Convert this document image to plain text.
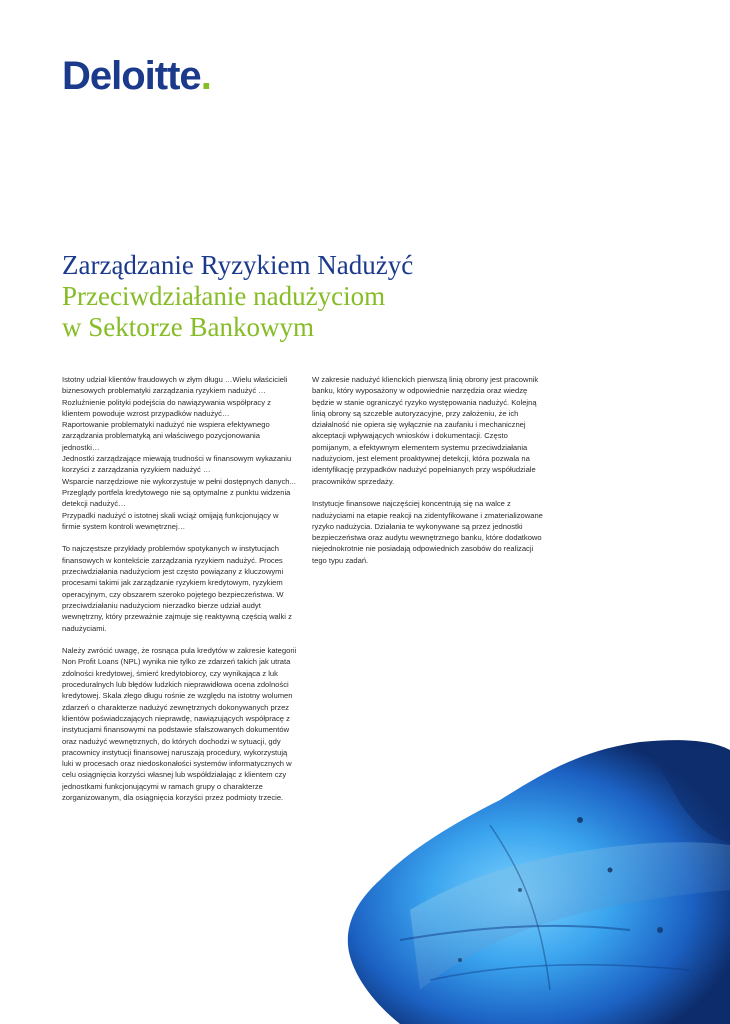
Deloitte.
Zarządzanie Ryzykiem Nadużyć
Przeciwdziałanie nadużyciom
w Sektorze Bankowym

Istotny udział klientów fraudowych w złym długu …Wielu właścicieli biznesowych problematyki zarządzania ryzykiem nadużyć …

Rozluźnienie polityki podejścia do nawiązywania współpracy z klientem powoduje wzrost przypadków nadużyć…

Raportowanie problematyki nadużyć nie wspiera efektywnego zarządzania problematyką ani właściwego pozycjonowania jednostki…

Jednostki zarządzające miewają trudności w finansowym wykazaniu korzyści z zarządzania ryzykiem nadużyć …

Wsparcie narzędziowe nie wykorzystuje w pełni dostępnych danych...

Przeglądy portfela kredytowego nie są optymalne z punktu widzenia detekcji nadużyć…

Przypadki nadużyć o istotnej skali wciąż omijają funkcjonujący w firmie system kontroli wewnętrznej…

To najczęstsze przykłady problemów spotykanych w instytucjach finansowych w kontekście zarządzania ryzykiem nadużyć. Proces przeciwdziałania nadużyciom jest często powiązany z kluczowymi procesami takimi jak zarządzanie ryzykiem kredytowym, ryzykiem operacyjnym, czy obszarem szeroko pojętego bezpieczeństwa. W przeciwdziałaniu nadużyciom nierzadko bierze udział audyt wewnętrzny, który przeważnie zajmuje się reaktywną częścią walki z nadużyciami.

Należy zwrócić uwagę, że rosnąca pula kredytów w zakresie kategorii Non Profit Loans (NPL) wynika nie tylko ze zdarzeń takich jak utrata zdolności kredytowej, śmierć kredytobiorcy, czy wynikająca z luk proceduralnych lub błędów ludzkich nieprawidłowa ocena zdolności kredytowej. Skala złego długu rośnie ze względu na istotny wolumen zdarzeń o charakterze nadużyć zewnętrznych dokonywanych przez klientów poświadczających nieprawdę, nawiązujących współpracę z instytucjami finansowymi na podstawie sfałszowanych dokumentów oraz nadużyć wewnętrznych, do których dochodzi w sytuacji, gdy pracownicy instytucji finansowej naruszają procedury, wykorzystują luki w procesach oraz niedoskonałości systemów informatycznych w celu osiągnięcia korzyści własnej lub współdziałając z klientem czy jednostkami funkcjonującymi w ramach grupy o charakterze zorganizowanym, dla osiągnięcia korzyści przez podmioty trzecie.

W zakresie nadużyć klienckich pierwszą linią obrony jest pracownik banku, który wyposażony w odpowiednie narzędzia oraz wiedzę będzie w stanie ograniczyć ryzyko występowania nadużyć. Kolejną linią obrony są szczeble autoryzacyjne, przy założeniu, że ich działalność nie opiera się wyłącznie na zaufaniu i mechanicznej akceptacji wpływających wniosków i dokumentacji. Często pomijanym, a efektywnym elementem systemu przeciwdziałania nadużyciom, jest element proaktywnej detekcji, która pozwala na identyfikację przypadków nadużyć popełnianych przy współudziale pracowników sprzedaży.

Instytucje finansowe najczęściej koncentrują się na walce z nadużyciami na etapie reakcji na zidentyfikowane i zmaterializowane ryzyko nadużycia. Działania te wykonywane są przez jednostki bezpieczeństwa oraz audytu wewnętrznego banku, które dodatkowo niejednokrotnie nie posiadają odpowiednich zasobów do realizacji tego typu zadań.
